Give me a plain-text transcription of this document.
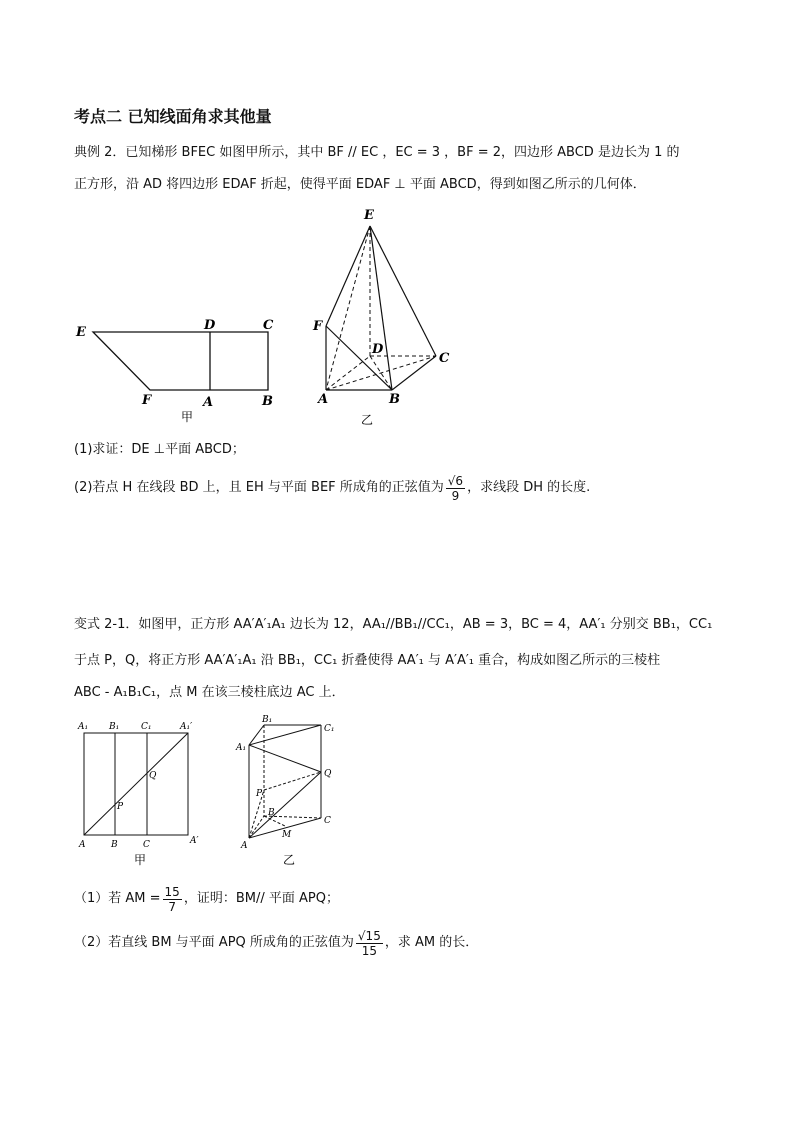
考点二 已知线面角求其他量
典例 2．已知梯形 BFEC 如图甲所示，其中 BF // EC ，EC = 3 ，BF = 2，四边形 ABCD 是边长为 1 的
正方形，沿 AD 将四边形 EDAF 折起，使得平面 EDAF ⊥ 平面 ABCD，得到如图乙所示的几何体．
E	D	C
F	A	B
甲
E
F
D
C
A	B
乙
(1)求证：DE ⊥平面 ABCD；
(2)若点 H 在线段 BD 上，且 EH 与平面 BEF 所成角的正弦值为 $\frac{√6}{9}$ ，求线段 DH 的长度.
变式 2-1．如图甲，正方形 AA′A′₁A₁ 边长为 12，AA₁//BB₁//CC₁，AB = 3，BC = 4，AA′₁ 分别交 BB₁，CC₁
于点 P，Q，将正方形 AA′A′₁A₁ 沿 BB₁，CC₁ 折叠使得 AA′₁ 与 A′A′₁ 重合，构成如图乙所示的三棱柱
ABC - A₁B₁C₁，点 M 在该三棱柱底边 AC 上．
A₁ B₁ C₁	A₁′
Q
P
A	B	C	A′
甲
B₁
C₁
A₁
Q
P
B
C
A
M
乙
（1）若 AM = $\frac{15}{7}$ ，证明：BM// 平面 APQ；
（2）若直线 BM 与平面 APQ 所成角的正弦值为 $\frac{√15}{15}$ ，求 AM 的长．
